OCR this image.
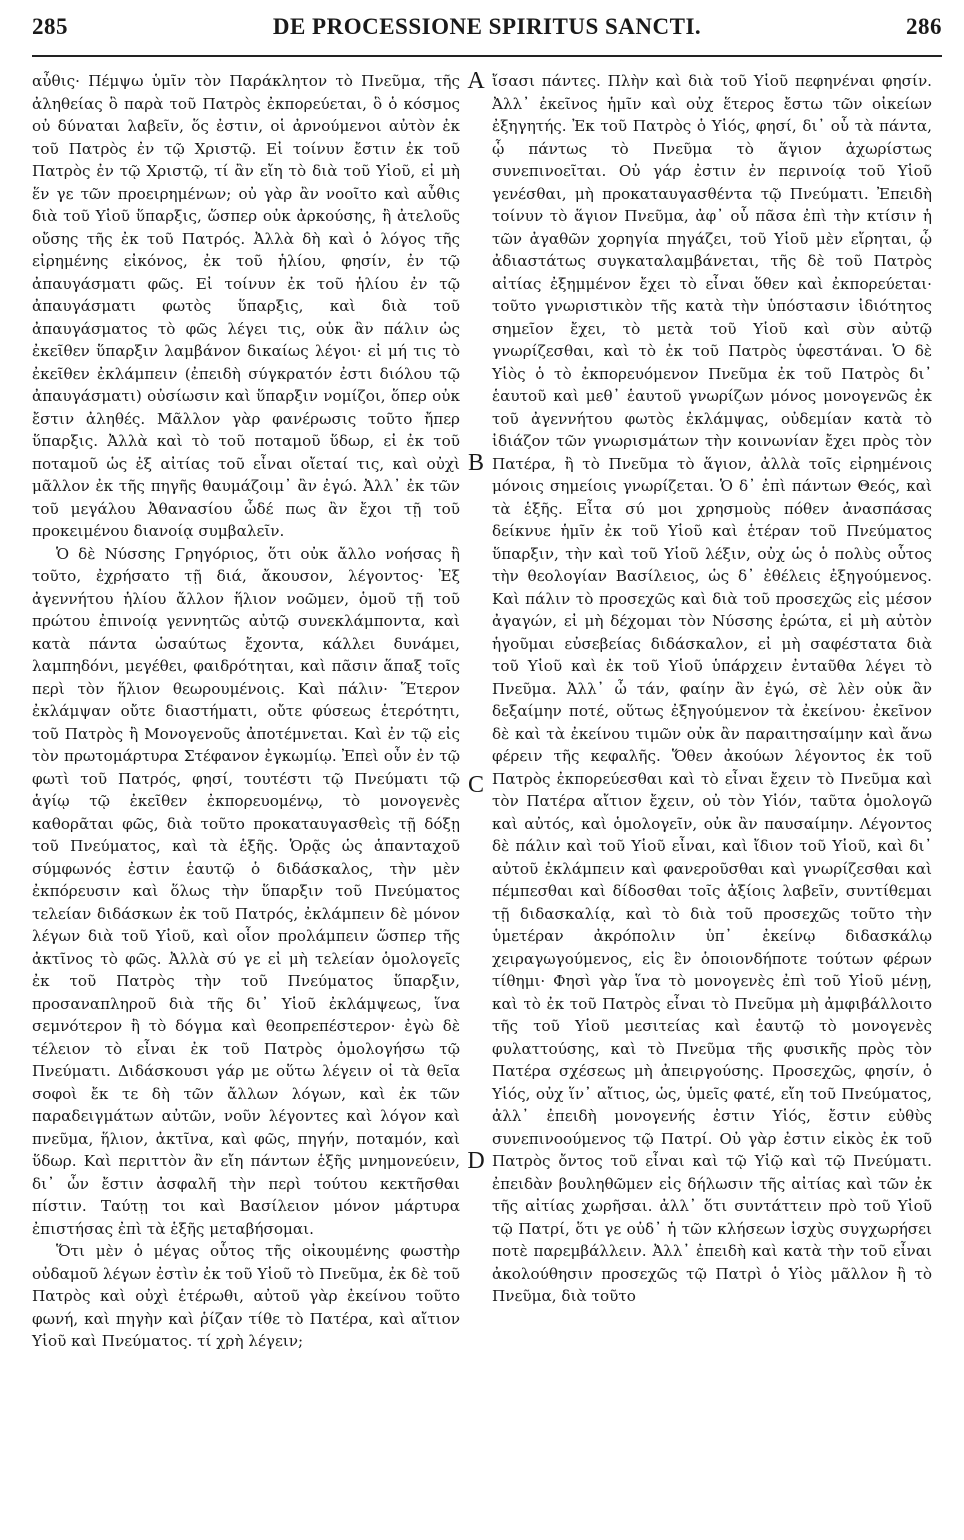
285	DE PROCESSIONE SPIRITUS SANCTI.	286
A
B
C
D

αὖθις· Πέμψω ὑμῖν τὸν Παράκλητον τὸ Πνεῦμα, τῆς ἀληθείας ὃ παρὰ τοῦ Πατρὸς ἐκπορεύεται, ὃ ὁ κόσμος οὐ δύναται λαβεῖν, ὅς ἐστιν, οἱ ἀρνούμενοι αὐτὸν ἐκ τοῦ Πατρὸς ἐν τῷ Χριστῷ. Εἰ τοίνυν ἔστιν ἐκ τοῦ Πατρὸς ἐν τῷ Χριστῷ, τί ἂν εἴη τὸ διὰ τοῦ Υἱοῦ, εἰ μὴ ἕν γε τῶν προειρημένων; οὐ γὰρ ἂν νοοῖτο καὶ αὖθις διὰ τοῦ Υἱοῦ ὕπαρξις, ὥσπερ οὐκ ἀρκούσης, ἢ ἀτελοῦς οὔσης τῆς ἐκ τοῦ Πατρός. Ἀλλὰ δὴ καὶ ὁ λόγος τῆς εἰρημένης εἰκόνος, ἐκ τοῦ ἡλίου, φησίν, ἐν τῷ ἀπαυγάσματι φῶς. Εἰ τοίνυν ἐκ τοῦ ἡλίου ἐν τῷ ἀπαυγάσματι φωτὸς ὕπαρξις, καὶ διὰ τοῦ ἀπαυγάσματος τὸ φῶς λέγει τις, οὐκ ἂν πάλιν ὡς ἐκεῖθεν ὕπαρξιν λαμβάνον δικαίως λέγοι· εἰ μή τις τὸ ἐκεῖθεν ἐκλάμπειν (ἐπειδὴ σύγκρατόν ἐστι διόλου τῷ ἀπαυγάσματι) οὐσίωσιν καὶ ὕπαρξιν νομίζοι, ὅπερ οὐκ ἔστιν ἀληθές. Μᾶλλον γὰρ φανέρωσις τοῦτο ἤπερ ὕπαρξις. Ἀλλὰ καὶ τὸ τοῦ ποταμοῦ ὕδωρ, εἰ ἐκ τοῦ ποταμοῦ ὡς ἐξ αἰτίας τοῦ εἶναι οἴεταί τις, καὶ οὐχὶ μᾶλλον ἐκ τῆς πηγῆς θαυμάζοιμ᾽ ἂν ἐγώ. Ἀλλ᾽ ἐκ τῶν τοῦ μεγάλου Ἀθανασίου ὧδέ πως ἂν ἔχοι τῇ τοῦ προκειμένου διανοίᾳ συμβαλεῖν.

Ὁ δὲ Νύσσης Γρηγόριος, ὅτι οὐκ ἄλλο νοήσας ἢ τοῦτο, ἐχρήσατο τῇ διά, ἄκουσον, λέγοντος· Ἐξ ἀγεννήτου ἡλίου ἄλλον ἥλιον νοῶμεν, ὁμοῦ τῇ τοῦ πρώτου ἐπινοίᾳ γεννητῶς αὐτῷ συνεκλάμποντα, καὶ κατὰ πάντα ὡσαύτως ἔχοντα, κάλλει δυνάμει, λαμπηδόνι, μεγέθει, φαιδρότηται, καὶ πᾶσιν ἅπαξ τοῖς περὶ τὸν ἥλιον θεωρουμένοις. Καὶ πάλιν· Ἕτερον ἐκλάμψαν οὔτε διαστήματι, οὔτε φύσεως ἑτερότητι, τοῦ Πατρὸς ἢ Μονογενοῦς ἀποτέμνεται. Καὶ ἐν τῷ εἰς τὸν πρωτομάρτυρα Στέφανον ἐγκωμίῳ. Ἐπεὶ οὖν ἐν τῷ φωτὶ τοῦ Πατρός, φησί, τουτέστι τῷ Πνεύματι τῷ ἁγίῳ τῷ ἐκεῖθεν ἐκπορευομένῳ, τὸ μονογενὲς καθορᾶται φῶς, διὰ τοῦτο προκαταυγασθεὶς τῇ δόξῃ τοῦ Πνεύματος, καὶ τὰ ἑξῆς. Ὁρᾷς ὡς ἁπανταχοῦ σύμφωνός ἐστιν ἑαυτῷ ὁ διδάσκαλος, τὴν μὲν ἐκπόρευσιν καὶ ὅλως τὴν ὕπαρξιν τοῦ Πνεύματος τελείαν διδάσκων ἐκ τοῦ Πατρός, ἐκλάμπειν δὲ μόνον λέγων διὰ τοῦ Υἱοῦ, καὶ οἷον προλάμπειν ὥσπερ τῆς ἀκτῖνος τὸ φῶς. Ἀλλὰ σύ γε εἰ μὴ τελείαν ὁμολογεῖς ἐκ τοῦ Πατρὸς τὴν τοῦ Πνεύματος ὕπαρξιν, προσαναπληροῦ διὰ τῆς δι᾽ Υἱοῦ ἐκλάμψεως, ἵνα σεμνότερον ἢ τὸ δόγμα καὶ θεοπρεπέστερον· ἐγὼ δὲ τέλειον τὸ εἶναι ἐκ τοῦ Πατρὸς ὁμολογήσω τῷ Πνεύματι. Διδάσκουσι γάρ με οὕτω λέγειν οἱ τὰ θεῖα σοφοὶ ἔκ τε δὴ τῶν ἄλλων λόγων, καὶ ἐκ τῶν παραδειγμάτων αὐτῶν, νοῦν λέγοντες καὶ λόγον καὶ πνεῦμα, ἥλιον, ἀκτῖνα, καὶ φῶς, πηγήν, ποταμόν, καὶ ὕδωρ. Καὶ περιττὸν ἂν εἴη πάντων ἑξῆς μνημονεύειν, δι᾽ ὧν ἔστιν ἀσφαλῆ τὴν περὶ τούτου κεκτῆσθαι πίστιν. Ταύτῃ τοι καὶ Βασίλειον μόνον μάρτυρα ἐπιστήσας ἐπὶ τὰ ἑξῆς μεταβήσομαι.

Ὅτι μὲν ὁ μέγας οὗτος τῆς οἰκουμένης φωστὴρ οὐδαμοῦ λέγων ἐστὶν ἐκ τοῦ Υἱοῦ τὸ Πνεῦμα, ἐκ δὲ τοῦ Πατρὸς καὶ οὐχὶ ἑτέρωθι, αὐτοῦ γὰρ ἐκείνου τοῦτο φωνή, καὶ πηγὴν καὶ ῥίζαν τίθε τὸ Πατέρα, καὶ αἴτιον Υἱοῦ καὶ Πνεύματος. τί χρὴ λέγειν;

ἴσασι πάντες. Πλὴν καὶ διὰ τοῦ Υἱοῦ πεφηνέναι φησίν. Ἀλλ᾽ ἐκεῖνος ἡμῖν καὶ οὐχ ἕτερος ἔστω τῶν οἰκείων ἐξηγητής. Ἐκ τοῦ Πατρὸς ὁ Υἱός, φησί, δι᾽ οὗ τὰ πάντα, ᾧ πάντως τὸ Πνεῦμα τὸ ἅγιον ἀχωρίστως συνεπινοεῖται. Οὐ γάρ ἐστιν ἐν περινοίᾳ τοῦ Υἱοῦ γενέσθαι, μὴ προκαταυγασθέντα τῷ Πνεύματι. Ἐπειδὴ τοίνυν τὸ ἅγιον Πνεῦμα, ἀφ᾽ οὗ πᾶσα ἐπὶ τὴν κτίσιν ἡ τῶν ἀγαθῶν χορηγία πηγάζει, τοῦ Υἱοῦ μὲν εἴρηται, ᾧ ἀδιαστάτως συγκαταλαμβάνεται, τῆς δὲ τοῦ Πατρὸς αἰτίας ἐξημμένον ἔχει τὸ εἶναι ὅθεν καὶ ἐκπορεύεται· τοῦτο γνωριστικὸν τῆς κατὰ τὴν ὑπόστασιν ἰδιότητος σημεῖον ἔχει, τὸ μετὰ τοῦ Υἱοῦ καὶ σὺν αὐτῷ γνωρίζεσθαι, καὶ τὸ ἐκ τοῦ Πατρὸς ὑφεστάναι. Ὁ δὲ Υἱὸς ὁ τὸ ἐκπορευόμενον Πνεῦμα ἐκ τοῦ Πατρὸς δι᾽ ἑαυτοῦ καὶ μεθ᾽ ἑαυτοῦ γνωρίζων μόνος μονογενῶς ἐκ τοῦ ἀγεννήτου φωτὸς ἐκλάμψας, οὐδεμίαν κατὰ τὸ ἰδιάζον τῶν γνωρισμάτων τὴν κοινωνίαν ἔχει πρὸς τὸν Πατέρα, ἢ τὸ Πνεῦμα τὸ ἅγιον, ἀλλὰ τοῖς εἰρημένοις μόνοις σημείοις γνωρίζεται. Ὁ δ᾽ ἐπὶ πάντων Θεός, καὶ τὰ ἑξῆς. Εἶτα σύ μοι χρησμοὺς πόθεν ἀνασπάσας δείκνυε ἡμῖν ἐκ τοῦ Υἱοῦ καὶ ἑτέραν τοῦ Πνεύματος ὕπαρξιν, τὴν καὶ τοῦ Υἱοῦ λέξιν, οὐχ ὡς ὁ πολὺς οὗτος τὴν θεολογίαν Βασίλειος, ὡς δ᾽ ἐθέλεις ἐξηγούμενος. Καὶ πάλιν τὸ προσεχῶς καὶ διὰ τοῦ προσεχῶς εἰς μέσον ἀγαγών, εἰ μὴ δέχομαι τὸν Νύσσης ἐρώτα, εἰ μὴ αὐτὸν ἡγοῦμαι εὐσεβείας διδάσκαλον, εἰ μὴ σαφέστατα διὰ τοῦ Υἱοῦ καὶ ἐκ τοῦ Υἱοῦ ὑπάρχειν ἐνταῦθα λέγει τὸ Πνεῦμα. Ἀλλ᾽ ὦ τάν, φαίην ἂν ἐγώ, σὲ λὲν οὐκ ἂν δεξαίμην ποτέ, οὕτως ἐξηγούμενον τὰ ἐκείνου· ἐκεῖνον δὲ καὶ τὰ ἐκείνου τιμῶν οὐκ ἂν παραιτησαίμην καὶ ἄνω φέρειν τῆς κεφαλῆς. Ὅθεν ἀκούων λέγοντος ἐκ τοῦ Πατρὸς ἐκπορεύεσθαι καὶ τὸ εἶναι ἔχειν τὸ Πνεῦμα καὶ τὸν Πατέρα αἴτιον ἔχειν, οὐ τὸν Υἱόν, ταῦτα ὁμολογῶ καὶ αὐτός, καὶ ὁμολογεῖν, οὐκ ἂν παυσαίμην. Λέγοντος δὲ πάλιν καὶ τοῦ Υἱοῦ εἶναι, καὶ ἴδιον τοῦ Υἱοῦ, καὶ δι᾽ αὐτοῦ ἐκλάμπειν καὶ φανεροῦσθαι καὶ γνωρίζεσθαι καὶ πέμπεσθαι καὶ δίδοσθαι τοῖς ἀξίοις λαβεῖν, συντίθεμαι τῇ διδασκαλίᾳ, καὶ τὸ διὰ τοῦ προσεχῶς τοῦτο τὴν ὑμετέραν ἀκρόπολιν ὑπ᾽ ἐκείνῳ διδασκάλῳ χειραγωγούμενος, εἰς ἓν ὁποιονδήποτε τούτων φέρων τίθημι· Φησὶ γὰρ ἵνα τὸ μονογενὲς ἐπὶ τοῦ Υἱοῦ μένῃ, καὶ τὸ ἐκ τοῦ Πατρὸς εἶναι τὸ Πνεῦμα μὴ ἀμφιβάλλοιτο τῆς τοῦ Υἱοῦ μεσιτείας καὶ ἑαυτῷ τὸ μονογενὲς φυλαττούσης, καὶ τὸ Πνεῦμα τῆς φυσικῆς πρὸς τὸν Πατέρα σχέσεως μὴ ἀπειργούσης. Προσεχῶς, φησίν, ὁ Υἱός, οὐχ ἵν᾽ αἴτιος, ὡς, ὑμεῖς φατέ, εἴη τοῦ Πνεύματος, ἀλλ᾽ ἐπειδὴ μονογενής ἐστιν Υἱός, ἔστιν εὐθὺς συνεπινοούμενος τῷ Πατρί. Οὐ γὰρ ἐστιν εἰκὸς ἐκ τοῦ Πατρὸς ὄντος τοῦ εἶναι καὶ τῷ Υἱῷ καὶ τῷ Πνεύματι. ἐπειδὰν βουληθῶμεν εἰς δήλωσιν τῆς αἰτίας καὶ τῶν ἐκ τῆς αἰτίας χωρῆσαι. ἀλλ᾽ ὅτι συντάττειν πρὸ τοῦ Υἱοῦ τῷ Πατρί, ὅτι γε οὐδ᾽ ἡ τῶν κλήσεων ἰσχὺς συγχωρήσει ποτὲ παρεμβάλλειν. Ἀλλ᾽ ἐπειδὴ καὶ κατὰ τὴν τοῦ εἶναι ἀκολούθησιν προσεχῶς τῷ Πατρὶ ὁ Υἱὸς μᾶλλον ἢ τὸ Πνεῦμα, διὰ τοῦτο
